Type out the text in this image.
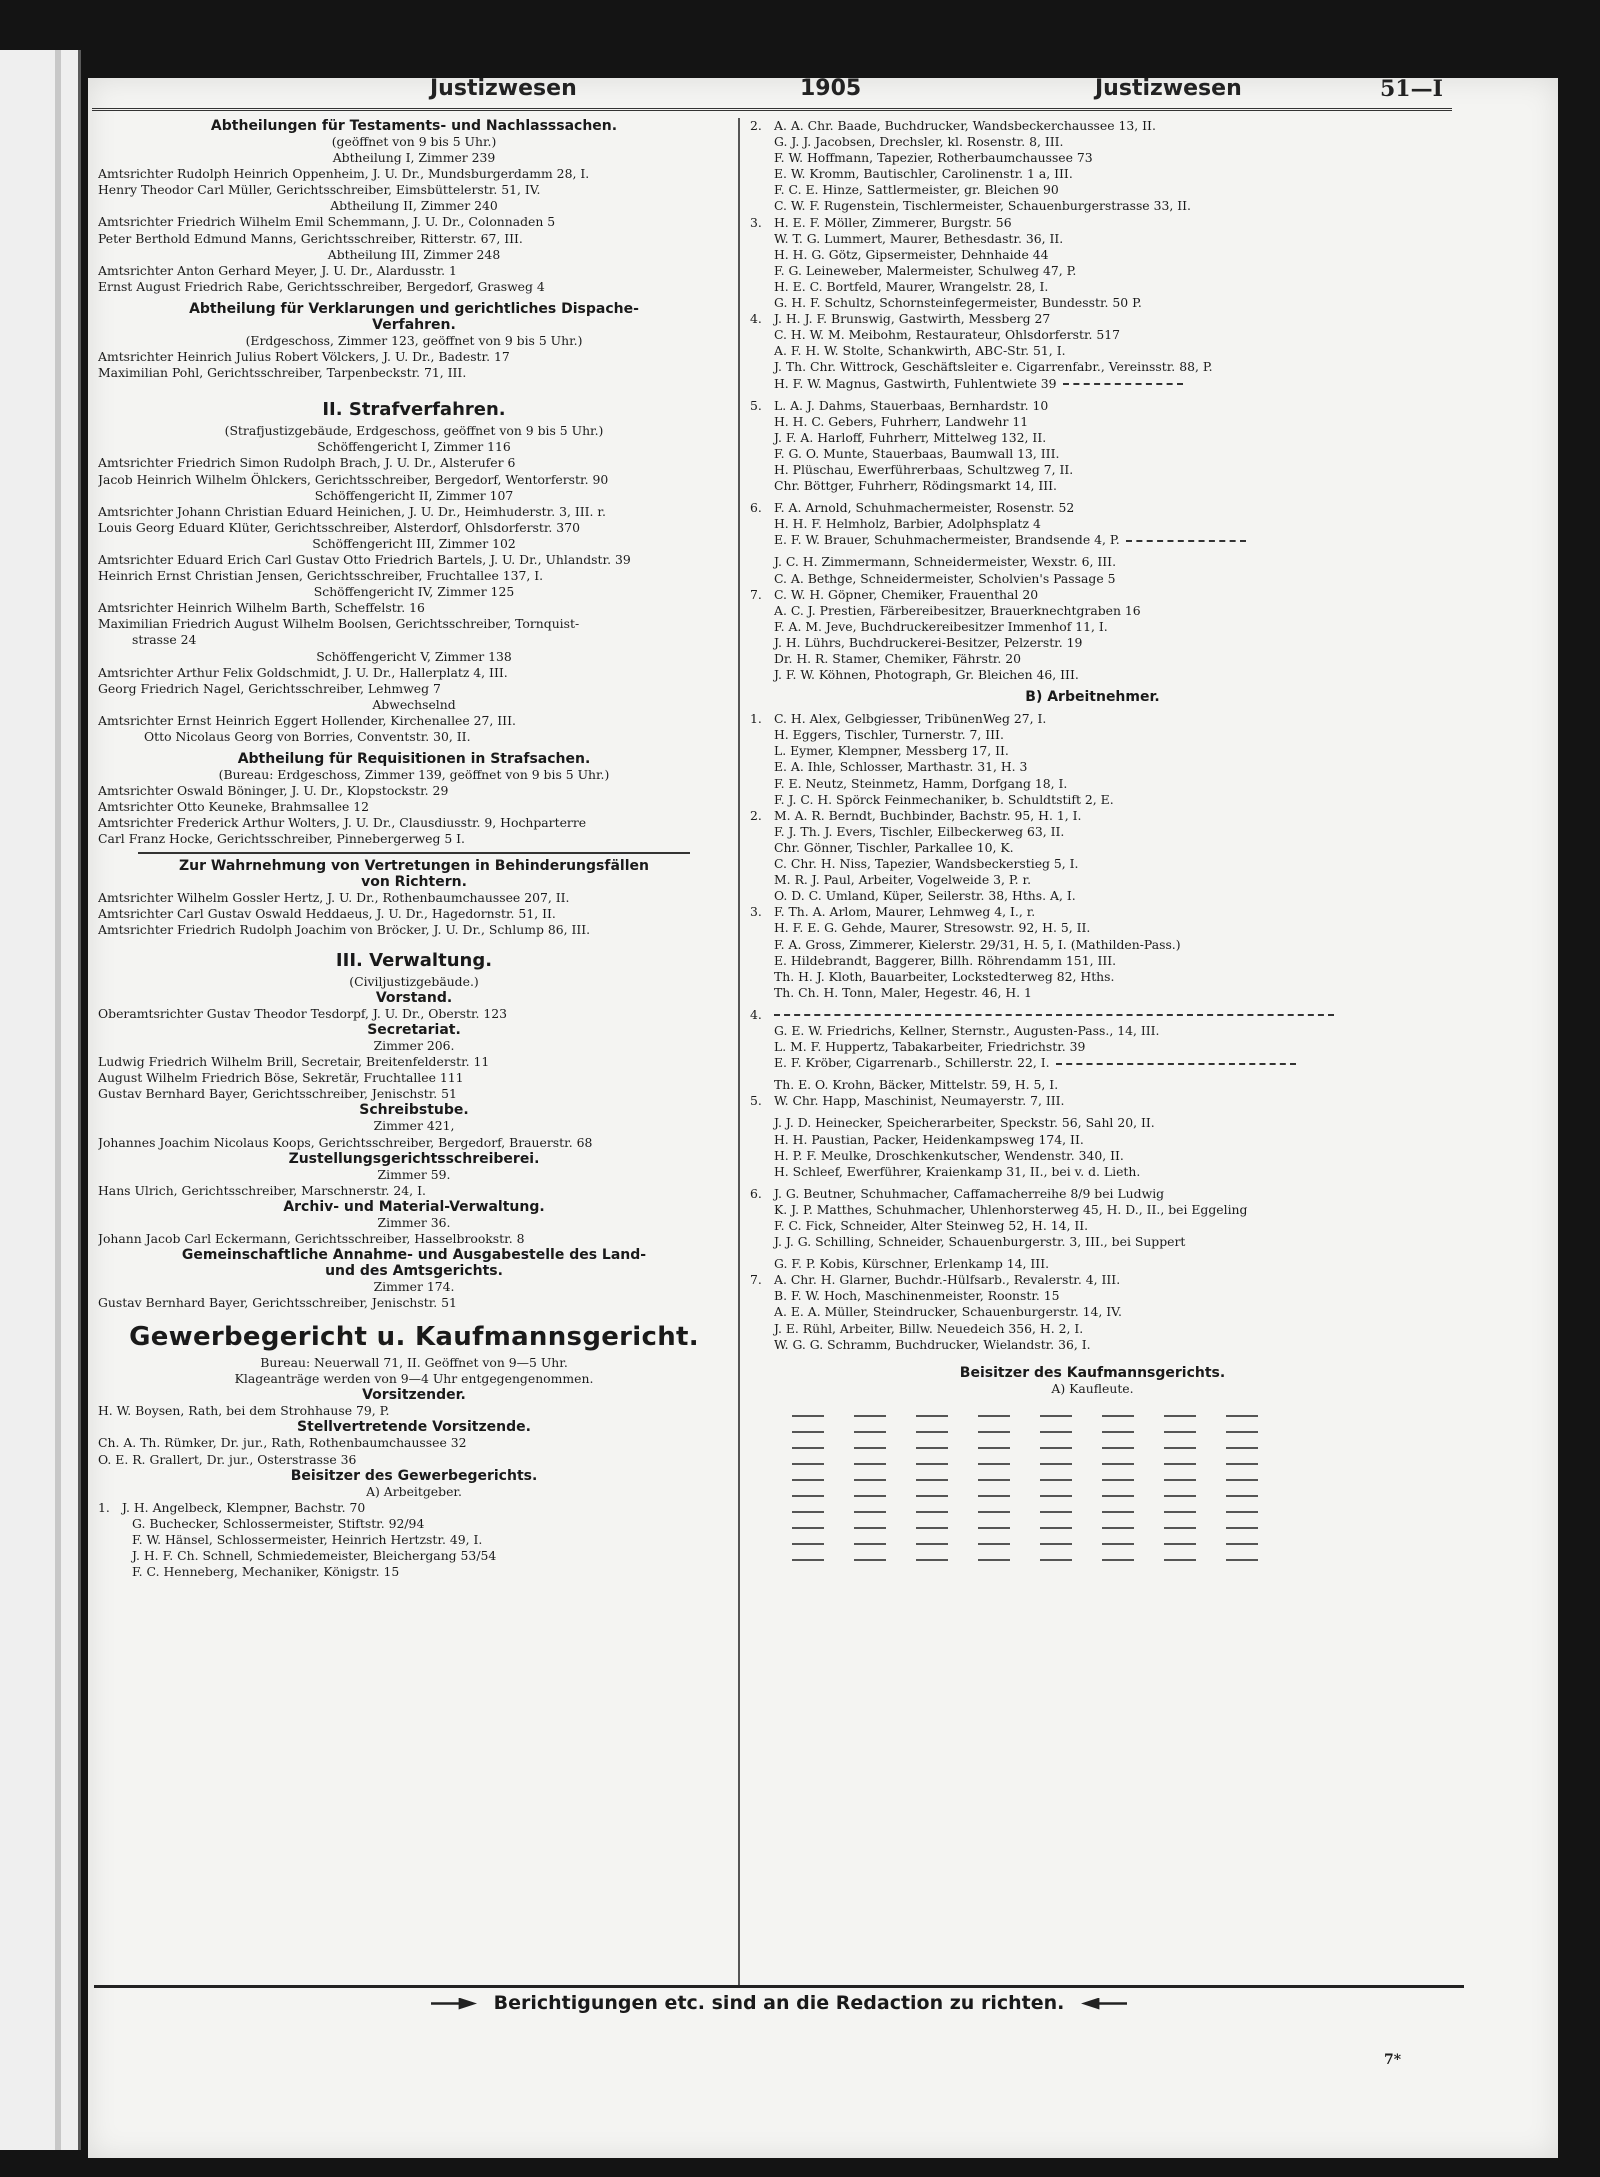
Justizwesen	1905	Justizwesen	51—I
Abtheilungen für Testaments- und Nachlasssachen.
(geöffnet von 9 bis 5 Uhr.)
Abtheilung I, Zimmer 239
Amtsrichter Rudolph Heinrich Oppenheim, J. U. Dr., Mundsburgerdamm 28, I.
Henry Theodor Carl Müller, Gerichtsschreiber, Eimsbüttelerstr. 51, IV.
Abtheilung II, Zimmer 240
Amtsrichter Friedrich Wilhelm Emil Schemmann, J. U. Dr., Colonnaden 5
Peter Berthold Edmund Manns, Gerichtsschreiber, Ritterstr. 67, III.
Abtheilung III, Zimmer 248
Amtsrichter Anton Gerhard Meyer, J. U. Dr., Alardusstr. 1
Ernst August Friedrich Rabe, Gerichtsschreiber, Bergedorf, Grasweg 4
Abtheilung für Verklarungen und gerichtliches Dispache-
Verfahren.
(Erdgeschoss, Zimmer 123, geöffnet von 9 bis 5 Uhr.)
Amtsrichter Heinrich Julius Robert Völckers, J. U. Dr., Badestr. 17
Maximilian Pohl, Gerichtsschreiber, Tarpenbeckstr. 71, III.
II. Strafverfahren.
(Strafjustizgebäude, Erdgeschoss, geöffnet von 9 bis 5 Uhr.)
Schöffengericht I, Zimmer 116
Amtsrichter Friedrich Simon Rudolph Brach, J. U. Dr., Alsterufer 6
Jacob Heinrich Wilhelm Öhlckers, Gerichtsschreiber, Bergedorf, Wentorferstr. 90
Schöffengericht II, Zimmer 107
Amtsrichter Johann Christian Eduard Heinichen, J. U. Dr., Heimhuderstr. 3, III. r.
Louis Georg Eduard Klüter, Gerichtsschreiber, Alsterdorf, Ohlsdorferstr. 370
Schöffengericht III, Zimmer 102
Amtsrichter Eduard Erich Carl Gustav Otto Friedrich Bartels, J. U. Dr., Uhlandstr. 39
Heinrich Ernst Christian Jensen, Gerichtsschreiber, Fruchtallee 137, I.
Schöffengericht IV, Zimmer 125
Amtsrichter Heinrich Wilhelm Barth, Scheffelstr. 16
Maximilian Friedrich August Wilhelm Boolsen, Gerichtsschreiber, Tornquist-
strasse 24
Schöffengericht V, Zimmer 138
Amtsrichter Arthur Felix Goldschmidt, J. U. Dr., Hallerplatz 4, III.
Georg Friedrich Nagel, Gerichtsschreiber, Lehmweg 7
Abwechselnd
Amtsrichter Ernst Heinrich Eggert Hollender, Kirchenallee 27, III.
Otto Nicolaus Georg von Borries, Conventstr. 30, II.
Abtheilung für Requisitionen in Strafsachen.
(Bureau: Erdgeschoss, Zimmer 139, geöffnet von 9 bis 5 Uhr.)
Amtsrichter Oswald Böninger, J. U. Dr., Klopstockstr. 29
Amtsrichter Otto Keuneke, Brahmsallee 12
Amtsrichter Frederick Arthur Wolters, J. U. Dr., Clausdiusstr. 9, Hochparterre
Carl Franz Hocke, Gerichtsschreiber, Pinnebergerweg 5 I.
Zur Wahrnehmung von Vertretungen in Behinderungsfällen
von Richtern.
Amtsrichter Wilhelm Gossler Hertz, J. U. Dr., Rothenbaumchaussee 207, II.
Amtsrichter Carl Gustav Oswald Heddaeus, J. U. Dr., Hagedornstr. 51, II.
Amtsrichter Friedrich Rudolph Joachim von Bröcker, J. U. Dr., Schlump 86, III.
III. Verwaltung.
(Civiljustizgebäude.)
Vorstand.
Oberamtsrichter Gustav Theodor Tesdorpf, J. U. Dr., Oberstr. 123
Secretariat.
Zimmer 206.
Ludwig Friedrich Wilhelm Brill, Secretair, Breitenfelderstr. 11
August Wilhelm Friedrich Böse, Sekretär, Fruchtallee 111
Gustav Bernhard Bayer, Gerichtsschreiber, Jenischstr. 51
Schreibstube.
Zimmer 421,
Johannes Joachim Nicolaus Koops, Gerichtsschreiber, Bergedorf, Brauerstr. 68
Zustellungsgerichtsschreiberei.
Zimmer 59.
Hans Ulrich, Gerichtsschreiber, Marschnerstr. 24, I.
Archiv- und Material-Verwaltung.
Zimmer 36.
Johann Jacob Carl Eckermann, Gerichtsschreiber, Hasselbrookstr. 8
Gemeinschaftliche Annahme- und Ausgabestelle des Land-
und des Amtsgerichts.
Zimmer 174.
Gustav Bernhard Bayer, Gerichtsschreiber, Jenischstr. 51
Gewerbegericht u. Kaufmannsgericht.
Bureau: Neuerwall 71, II. Geöffnet von 9—5 Uhr.
Klageanträge werden von 9—4 Uhr entgegengenommen.
Vorsitzender.
H. W. Boysen, Rath, bei dem Strohhause 79, P.
Stellvertretende Vorsitzende.
Ch. A. Th. Rümker, Dr. jur., Rath, Rothenbaumchaussee 32
O. E. R. Grallert, Dr. jur., Osterstrasse 36
Beisitzer des Gewerbegerichts.
A) Arbeitgeber.
1. J. H. Angelbeck, Klempner, Bachstr. 70
G. Buchecker, Schlossermeister, Stiftstr. 92/94
F. W. Hänsel, Schlossermeister, Heinrich Hertzstr. 49, I.
J. H. F. Ch. Schnell, Schmiedemeister, Bleichergang 53/54
F. C. Henneberg, Mechaniker, Königstr. 15
2. A. A. Chr. Baade, Buchdrucker, Wandsbeckerchaussee 13, II.
G. J. J. Jacobsen, Drechsler, kl. Rosenstr. 8, III.
F. W. Hoffmann, Tapezier, Rotherbaumchaussee 73
E. W. Kromm, Bautischler, Carolinenstr. 1 a, III.
F. C. E. Hinze, Sattlermeister, gr. Bleichen 90
C. W. F. Rugenstein, Tischlermeister, Schauenburgerstrasse 33, II.
3. H. E. F. Möller, Zimmerer, Burgstr. 56
W. T. G. Lummert, Maurer, Bethesdastr. 36, II.
H. H. G. Götz, Gipsermeister, Dehnhaide 44
F. G. Leineweber, Malermeister, Schulweg 47, P.
H. E. C. Bortfeld, Maurer, Wrangelstr. 28, I.
G. H. F. Schultz, Schornsteinfegermeister, Bundesstr. 50 P.
4. J. H. J. F. Brunswig, Gastwirth, Messberg 27
C. H. W. M. Meibohm, Restaurateur, Ohlsdorferstr. 517
A. F. H. W. Stolte, Schankwirth, ABC-Str. 51, I.
J. Th. Chr. Wittrock, Geschäftsleiter e. Cigarrenfabr., Vereinsstr. 88, P.
H. F. W. Magnus, Gastwirth, Fuhlentwiete 39
5. L. A. J. Dahms, Stauerbaas, Bernhardstr. 10
H. H. C. Gebers, Fuhrherr, Landwehr 11
J. F. A. Harloff, Fuhrherr, Mittelweg 132, II.
F. G. O. Munte, Stauerbaas, Baumwall 13, III.
H. Plüschau, Ewerführerbaas, Schultzweg 7, II.
Chr. Böttger, Fuhrherr, Rödingsmarkt 14, III.
6. F. A. Arnold, Schuhmachermeister, Rosenstr. 52
H. H. F. Helmholz, Barbier, Adolphsplatz 4
E. F. W. Brauer, Schuhmachermeister, Brandsende 4, P.
J. C. H. Zimmermann, Schneidermeister, Wexstr. 6, III.
C. A. Bethge, Schneidermeister, Scholvien's Passage 5
7. C. W. H. Göpner, Chemiker, Frauenthal 20
A. C. J. Prestien, Färbereibesitzer, Brauerknechtgraben 16
F. A. M. Jeve, Buchdruckereibesitzer Immenhof 11, I.
J. H. Lührs, Buchdruckerei-Besitzer, Pelzerstr. 19
Dr. H. R. Stamer, Chemiker, Fährstr. 20
J. F. W. Köhnen, Photograph, Gr. Bleichen 46, III.
B) Arbeitnehmer.
1. C. H. Alex, Gelbgiesser, TribünenWeg 27, I.
H. Eggers, Tischler, Turnerstr. 7, III.
L. Eymer, Klempner, Messberg 17, II.
E. A. Ihle, Schlosser, Marthastr. 31, H. 3
F. E. Neutz, Steinmetz, Hamm, Dorfgang 18, I.
F. J. C. H. Spörck Feinmechaniker, b. Schuldtstift 2, E.
2. M. A. R. Berndt, Buchbinder, Bachstr. 95, H. 1, I.
F. J. Th. J. Evers, Tischler, Eilbeckerweg 63, II.
Chr. Gönner, Tischler, Parkallee 10, K.
C. Chr. H. Niss, Tapezier, Wandsbeckerstieg 5, I.
M. R. J. Paul, Arbeiter, Vogelweide 3, P. r.
O. D. C. Umland, Küper, Seilerstr. 38, Hths. A, I.
3. F. Th. A. Arlom, Maurer, Lehmweg 4, I., r.
H. F. E. G. Gehde, Maurer, Stresowstr. 92, H. 5, II.
F. A. Gross, Zimmerer, Kielerstr. 29/31, H. 5, I. (Mathilden-Pass.)
E. Hildebrandt, Baggerer, Billh. Röhrendamm 151, III.
Th. H. J. Kloth, Bauarbeiter, Lockstedterweg 82, Hths.
Th. Ch. H. Tonn, Maler, Hegestr. 46, H. 1
4.
G. E. W. Friedrichs, Kellner, Sternstr., Augusten-Pass., 14, III.
L. M. F. Huppertz, Tabakarbeiter, Friedrichstr. 39
E. F. Kröber, Cigarrenarb., Schillerstr. 22, I.
Th. E. O. Krohn, Bäcker, Mittelstr. 59, H. 5, I.
5. W. Chr. Happ, Maschinist, Neumayerstr. 7, III.
J. J. D. Heinecker, Speicherarbeiter, Speckstr. 56, Sahl 20, II.
H. H. Paustian, Packer, Heidenkampsweg 174, II.
H. P. F. Meulke, Droschkenkutscher, Wendenstr. 340, II.
H. Schleef, Ewerführer, Kraienkamp 31, II., bei v. d. Lieth.
6. J. G. Beutner, Schuhmacher, Caffamacherreihe 8/9 bei Ludwig
K. J. P. Matthes, Schuhmacher, Uhlenhorsterweg 45, H. D., II., bei Eggeling
F. C. Fick, Schneider, Alter Steinweg 52, H. 14, II.
J. J. G. Schilling, Schneider, Schauenburgerstr. 3, III., bei Suppert
G. F. P. Kobis, Kürschner, Erlenkamp 14, III.
7. A. Chr. H. Glarner, Buchdr.-Hülfsarb., Revalerstr. 4, III.
B. F. W. Hoch, Maschinenmeister, Roonstr. 15
A. E. A. Müller, Steindrucker, Schauenburgerstr. 14, IV.
J. E. Rühl, Arbeiter, Billw. Neuedeich 356, H. 2, I.
W. G. G. Schramm, Buchdrucker, Wielandstr. 36, I.
Beisitzer des Kaufmannsgerichts.
A) Kaufleute.
Berichtigungen etc. sind an die Redaction zu richten.
7*
